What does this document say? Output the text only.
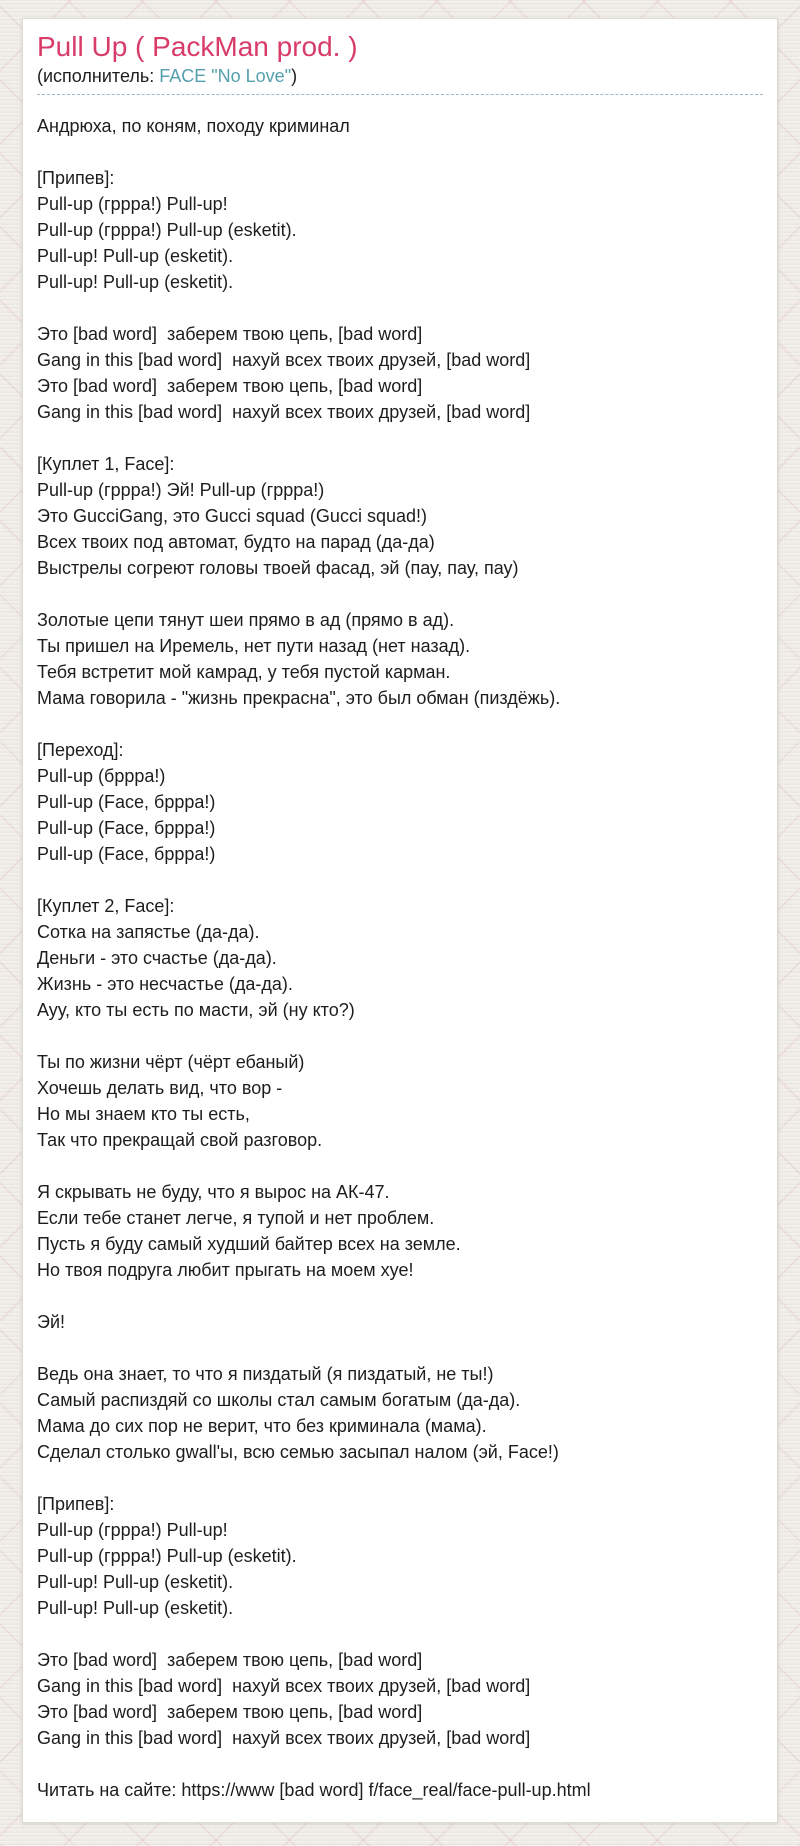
Pull Up ( PackMan prod. )
(исполнитель: FACE "No Love")
Андрюха, по коням, походу криминал

[Припев]:
Pull-up (гррра!) Pull-up!
Pull-up (гррра!) Pull-up (esketit).
Pull-up! Pull-up (esketit).
Pull-up! Pull-up (esketit).

Это [bad word]  заберем твою цепь, [bad word]
Gang in this [bad word]  нахуй всех твоих друзей, [bad word]
Это [bad word]  заберем твою цепь, [bad word]
Gang in this [bad word]  нахуй всех твоих друзей, [bad word]

[Куплет 1, Face]:
Pull-up (гррра!) Эй! Pull-up (гррра!)
Это GucciGang, это Gucci squad (Gucci squad!)
Всех твоих под автомат, будто на парад (да-да)
Выстрелы согреют головы твоей фасад, эй (пау, пау, пау)

Золотые цепи тянут шеи прямо в ад (прямо в ад).
Ты пришел на Иремель, нет пути назад (нет назад).
Тебя встретит мой камрад, у тебя пустой карман.
Мама говорила - "жизнь прекрасна", это был обман (пиздёжь).

[Переход]:
Pull-up (бррра!)
Pull-up (Face, бррра!)
Pull-up (Face, бррра!)
Pull-up (Face, бррра!)

[Куплет 2, Face]:
Сотка на запястье (да-да).
Деньги - это счастье (да-да).
Жизнь - это несчастье (да-да).
Ауу, кто ты есть по масти, эй (ну кто?)

Ты по жизни чёрт (чёрт ебаный)
Хочешь делать вид, что вор -
Но мы знаем кто ты есть,
Так что прекращай свой разговор.

Я скрывать не буду, что я вырос на АК-47.
Если тебе станет легче, я тупой и нет проблем.
Пусть я буду самый худший байтер всех на земле.
Но твоя подруга любит прыгать на моем хуе!

Эй!

Ведь она знает, то что я пиздатый (я пиздатый, не ты!)
Самый распиздяй со школы стал самым богатым (да-да).
Мама до сих пор не верит, что без криминала (мама).
Сделал столько gwall'ы, всю семью засыпал налом (эй, Face!)

[Припев]:
Pull-up (гррра!) Pull-up!
Pull-up (гррра!) Pull-up (esketit).
Pull-up! Pull-up (esketit).
Pull-up! Pull-up (esketit).

Это [bad word]  заберем твою цепь, [bad word]
Gang in this [bad word]  нахуй всех твоих друзей, [bad word]
Это [bad word]  заберем твою цепь, [bad word]
Gang in this [bad word]  нахуй всех твоих друзей, [bad word]

Читать на сайте: https://www [bad word] f/face_real/face-pull-up.html
